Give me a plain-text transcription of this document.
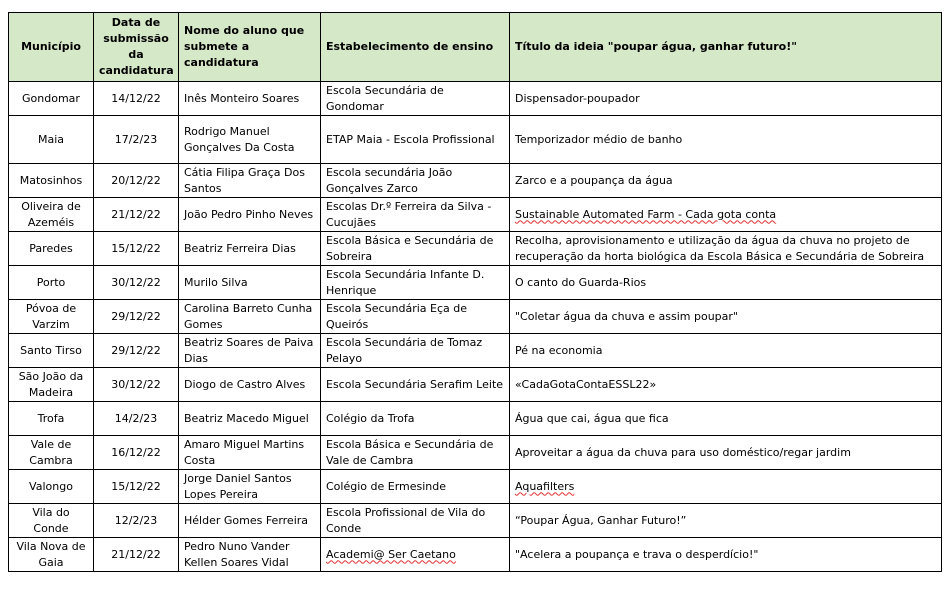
Município	Data de submissão da candidatura	Nome do aluno que submete a candidatura	Estabelecimento de ensino	Título da ideia "poupar água, ganhar futuro!"
Gondomar	14/12/22	Inês Monteiro Soares	Escola Secundária de Gondomar	Dispensador-poupador
Maia	17/2/23	Rodrigo Manuel Gonçalves Da Costa	ETAP Maia - Escola Profissional	Temporizador médio de banho
Matosinhos	20/12/22	Cátia Filipa Graça Dos Santos	Escola secundária João Gonçalves Zarco	Zarco e a poupança da água
Oliveira de Azeméis	21/12/22	João Pedro Pinho Neves	Escolas Dr.º Ferreira da Silva - Cucujães	Sustainable Automated Farm - Cada gota conta
Paredes	15/12/22	Beatriz Ferreira Dias	Escola Básica e Secundária de Sobreira	Recolha, aprovisionamento e utilização da água da chuva no projeto de recuperação da horta biológica da Escola Básica e Secundária de Sobreira
Porto	30/12/22	Murilo Silva	Escola Secundária Infante D. Henrique	O canto do Guarda-Rios
Póvoa de Varzim	29/12/22	Carolina Barreto Cunha Gomes	Escola Secundária Eça de Queirós	"Coletar água da chuva e assim poupar"
Santo Tirso	29/12/22	Beatriz Soares de Paiva Dias	Escola Secundária de Tomaz Pelayo	Pé na economia
São João da Madeira	30/12/22	Diogo de Castro Alves	Escola Secundária Serafim Leite	«CadaGotaContaESSL22»
Trofa	14/2/23	Beatriz Macedo Miguel	Colégio da Trofa	Água que cai, água que fica
Vale de Cambra	16/12/22	Amaro Miguel Martins Costa	Escola Básica e Secundária de Vale de Cambra	Aproveitar a água da chuva para uso doméstico/regar jardim
Valongo	15/12/22	Jorge Daniel Santos Lopes Pereira	Colégio de Ermesinde	Aquafilters
Vila do Conde	12/2/23	Hélder Gomes Ferreira	Escola Profissional de Vila do Conde	“Poupar Água, Ganhar Futuro!”
Vila Nova de Gaia	21/12/22	Pedro Nuno Vander Kellen Soares Vidal	Academi@ Ser Caetano	"Acelera a poupança e trava o desperdício!"
